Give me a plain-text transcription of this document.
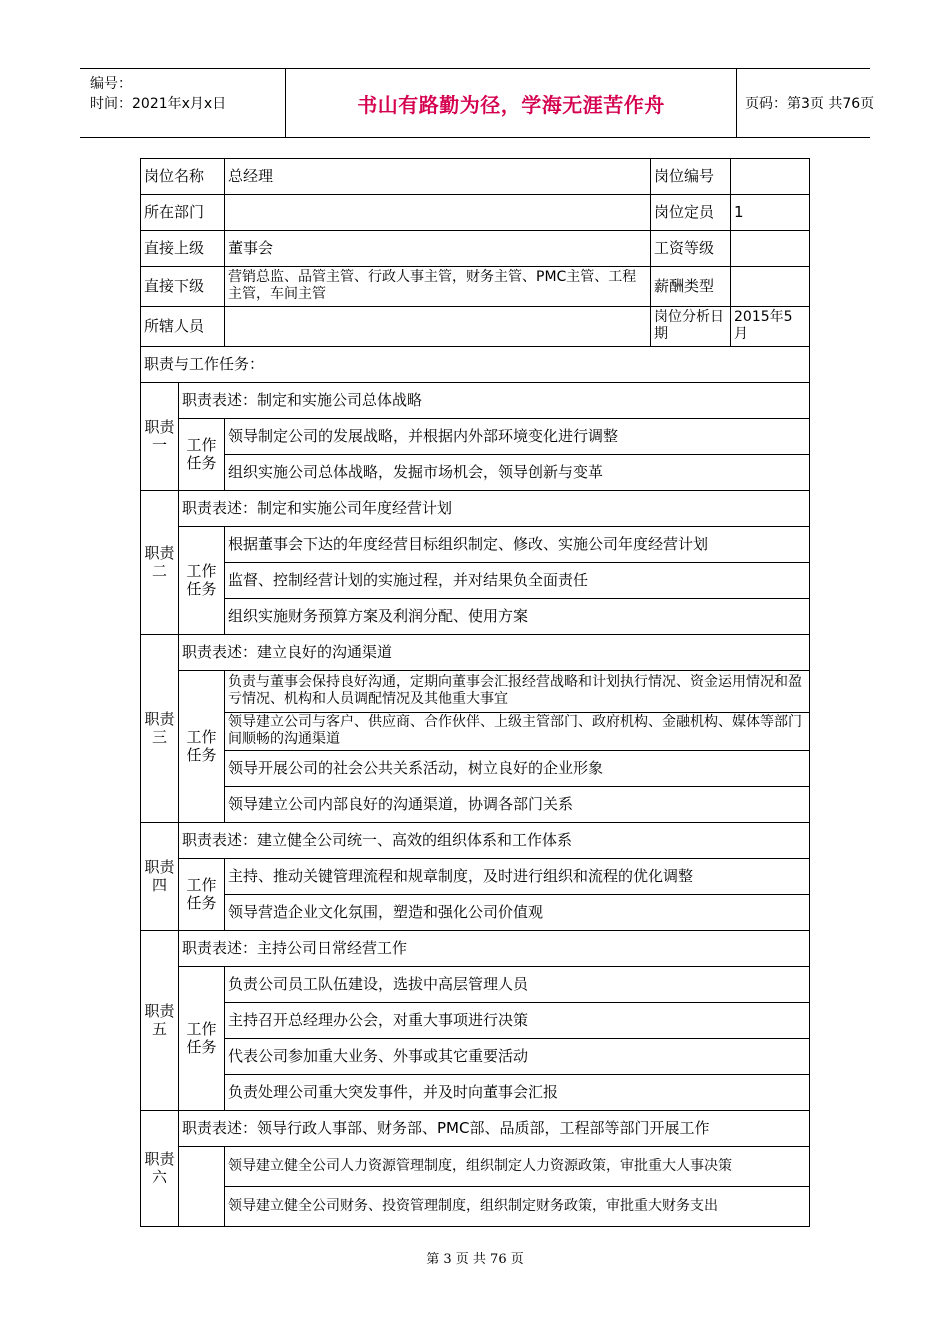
编号：
时间：2021年x月x日	书山有路勤为径，学海无涯苦作舟	页码：第3页 共76页

岗位名称		总经理	岗位编号	
所在部门			岗位定员	1
直接上级		董事会	工资等级	
直接下级		营销总监、品管主管、行政人事主管，财务主管、PMC主管、工程主管，车间主管	薪酬类型	
所辖人员			岗位分析日期	2015年5月
职责与工作任务：				
职责一	职责表述：制定和实施公司总体战略			
	工作任务	领导制定公司的发展战略，并根据内外部环境变化进行调整		
		组织实施公司总体战略，发掘市场机会，领导创新与变革		
职责二	职责表述：制定和实施公司年度经营计划			
	工作任务	根据董事会下达的年度经营目标组织制定、修改、实施公司年度经营计划		
		监督、控制经营计划的实施过程，并对结果负全面责任		
		组织实施财务预算方案及利润分配、使用方案		
职责三	职责表述：建立良好的沟通渠道			
	工作任务	负责与董事会保持良好沟通，定期向董事会汇报经营战略和计划执行情况、资金运用情况和盈亏情况、机构和人员调配情况及其他重大事宜		
		领导建立公司与客户、供应商、合作伙伴、上级主管部门、政府机构、金融机构、媒体等部门间顺畅的沟通渠道		
		领导开展公司的社会公共关系活动，树立良好的企业形象		
		领导建立公司内部良好的沟通渠道，协调各部门关系		
职责四	职责表述：建立健全公司统一、高效的组织体系和工作体系			
	工作任务	主持、推动关键管理流程和规章制度，及时进行组织和流程的优化调整		
		领导营造企业文化氛围，塑造和强化公司价值观		
职责五	职责表述：主持公司日常经营工作			
	工作任务	负责公司员工队伍建设，选拔中高层管理人员		
		主持召开总经理办公会，对重大事项进行决策		
		代表公司参加重大业务、外事或其它重要活动		
		负责处理公司重大突发事件，并及时向董事会汇报		
职责六	职责表述：领导行政人事部、财务部、PMC部、品质部，工程部等部门开展工作			
		领导建立健全公司人力资源管理制度，组织制定人力资源政策，审批重大人事决策		
		领导建立健全公司财务、投资管理制度，组织制定财务政策，审批重大财务支出		
第 3 页 共 76 页
